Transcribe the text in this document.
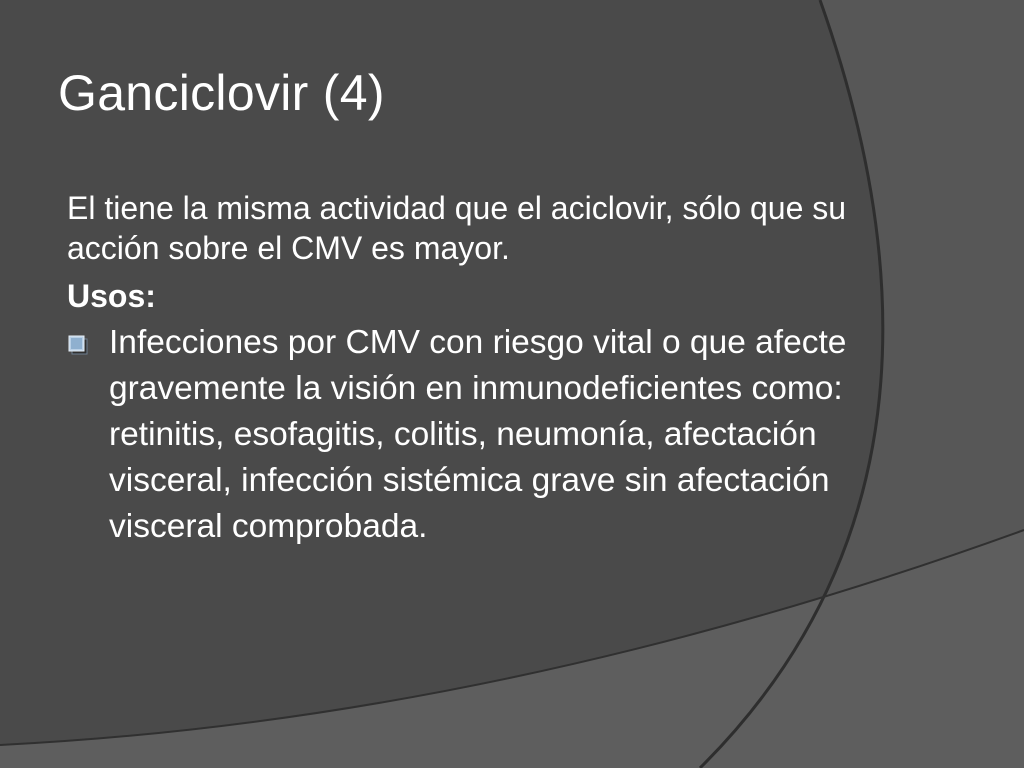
Ganciclovir (4)

El tiene la misma actividad que el aciclovir, sólo que su acción sobre el CMV es mayor.

Usos:

Infecciones por CMV con riesgo vital o que afecte gravemente la visión en inmunodeficientes como: retinitis, esofagitis, colitis, neumonía, afectación visceral, infección sistémica grave sin afectación visceral comprobada.
